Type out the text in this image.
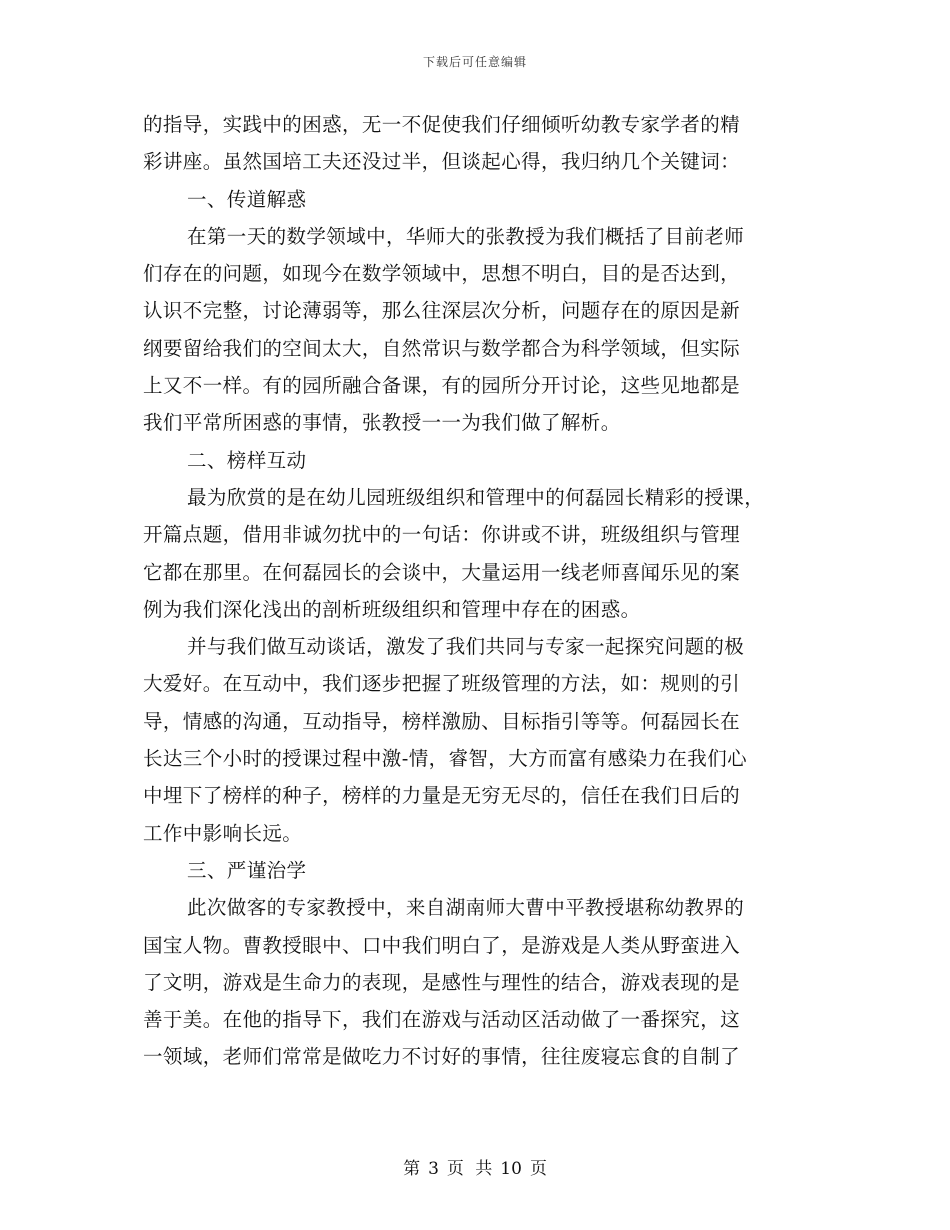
下载后可任意编辑
的指导，实践中的困惑，无一不促使我们仔细倾听幼教专家学者的精
彩讲座。虽然国培工夫还没过半，但谈起心得，我归纳几个关键词：
一、传道解惑
在第一天的数学领域中，华师大的张教授为我们概括了目前老师
们存在的问题，如现今在数学领域中，思想不明白，目的是否达到，
认识不完整，讨论薄弱等，那么往深层次分析，问题存在的原因是新
纲要留给我们的空间太大，自然常识与数学都合为科学领域，但实际
上又不一样。有的园所融合备课，有的园所分开讨论，这些见地都是
我们平常所困惑的事情，张教授一一为我们做了解析。
二、榜样互动
最为欣赏的是在幼儿园班级组织和管理中的何磊园长精彩的授课，
开篇点题，借用非诚勿扰中的一句话：你讲或不讲，班级组织与管理
它都在那里。在何磊园长的会谈中，大量运用一线老师喜闻乐见的案
例为我们深化浅出的剖析班级组织和管理中存在的困惑。
并与我们做互动谈话，激发了我们共同与专家一起探究问题的极
大爱好。在互动中，我们逐步把握了班级管理的方法，如：规则的引
导，情感的沟通，互动指导，榜样激励、目标指引等等。何磊园长在
长达三个小时的授课过程中激-情，睿智，大方而富有感染力在我们心
中埋下了榜样的种子，榜样的力量是无穷无尽的，信任在我们日后的
工作中影响长远。
三、严谨治学
此次做客的专家教授中，来自湖南师大曹中平教授堪称幼教界的
国宝人物。曹教授眼中、口中我们明白了，是游戏是人类从野蛮进入
了文明，游戏是生命力的表现，是感性与理性的结合，游戏表现的是
善于美。在他的指导下，我们在游戏与活动区活动做了一番探究，这
一领域，老师们常常是做吃力不讨好的事情，往往废寝忘食的自制了
第 3 页 共 10 页
